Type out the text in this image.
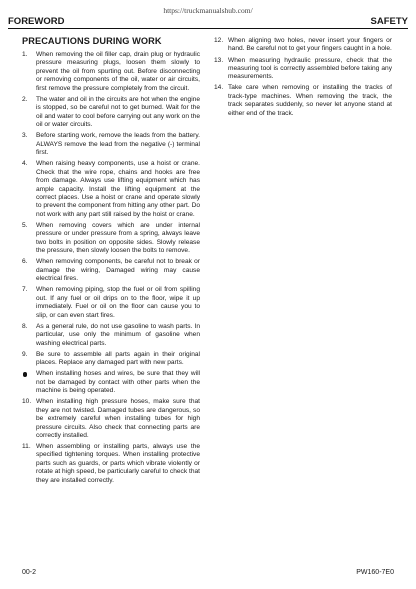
https://truckmanualshub.com/
FOREWORD	SAFETY
PRECAUTIONS DURING WORK
1. When removing the oil filler cap, drain plug or hydraulic pressure measuring plugs, loosen them slowly to prevent the oil from spurting out. Before disconnecting or removing components of the oil, water or air circuits, first remove the pressure completely from the circuit.
2. The water and oil in the circuits are hot when the engine is stopped, so be careful not to get burned. Wait for the oil and water to cool before carrying out any work on the oil or water circuits.
3. Before starting work, remove the leads from the battery. ALWAYS remove the lead from the negative (-) terminal first.
4. When raising heavy components, use a hoist or crane. Check that the wire rope, chains and hooks are free from damage. Always use lifting equipment which has ample capacity. Install the lifting equipment at the correct places. Use a hoist or crane and operate slowly to prevent the component from hitting any other part. Do not work with any part still raised by the hoist or crane.
5. When removing covers which are under internal pressure or under pressure from a spring, always leave two bolts in position on opposite sides. Slowly release the pressure, then slowly loosen the bolts to remove.
6. When removing components, be careful not to break or damage the wiring, Damaged wiring may cause electrical fires.
7. When removing piping, stop the fuel or oil from spilling out. If any fuel or oil drips on to the floor, wipe it up immediately. Fuel or oil on the floor can cause you to slip, or can even start fires.
8. As a general rule, do not use gasoline to wash parts. In particular, use only the minimum of gasoline when washing electrical parts.
9. Be sure to assemble all parts again in their original places. Replace any damaged part with new parts.
When installing hoses and wires, be sure that they will not be damaged by contact with other parts when the machine is being operated.
10. When installing high pressure hoses, make sure that they are not twisted. Damaged tubes are dangerous, so be extremely careful when installing tubes for high pressure circuits. Also check that connecting parts are correctly installed.
11. When assembling or installing parts, always use the specified tightening torques. When installing protective parts such as guards, or parts which vibrate violently or rotate at high speed, be particularly careful to check that they are installed correctly.
12. When aligning two holes, never insert your fingers or hand. Be careful not to get your fingers caught in a hole.
13. When measuring hydraulic pressure, check that the measuring tool is correctly assembled before taking any measurements.
14. Take care when removing or installing the tracks of track-type machines. When removing the track, the track separates suddenly, so never let anyone stand at either end of the track.
00-2	PW160-7E0
